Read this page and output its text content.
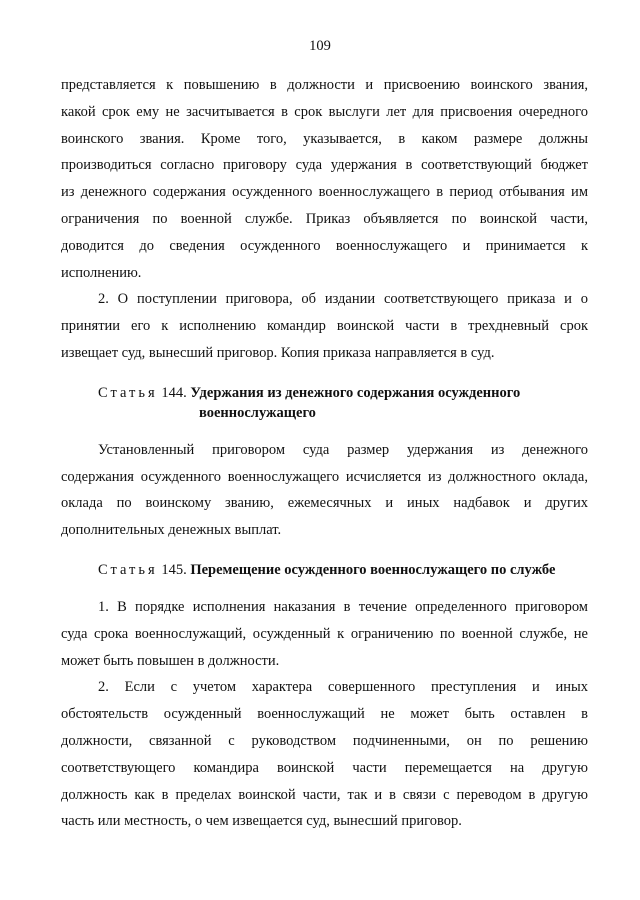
109

представляется к повышению в должности и присвоению воинского звания,

какой срок ему не засчитывается в срок выслуги лет для присвоения очередного

воинского звания. Кроме того, указывается, в каком размере должны

производиться согласно приговору суда удержания в соответствующий бюджет

из денежного содержания осужденного военнослужащего в период отбывания им

ограничения по военной службе. Приказ объявляется по воинской части,

доводится до сведения осужденного военнослужащего и принимается к

исполнению.

2. О поступлении приговора, об издании соответствующего приказа и о

принятии его к исполнению командир воинской части в трехдневный срок

извещает суд, вынесший приговор. Копия приказа направляется в суд.

Статья 144. Удержания из денежного содержания осужденного
военнослужащего

Установленный приговором суда размер удержания из денежного

содержания осужденного военнослужащего исчисляется из должностного оклада,

оклада по воинскому званию, ежемесячных и иных надбавок и других

дополнительных денежных выплат.

Статья 145. Перемещение осужденного военнослужащего по службе

1. В порядке исполнения наказания в течение определенного приговором

суда срока военнослужащий, осужденный к ограничению по военной службе, не

может быть повышен в должности.

2. Если с учетом характера совершенного преступления и иных

обстоятельств осужденный военнослужащий не может быть оставлен в

должности, связанной с руководством подчиненными, он по решению

соответствующего командира воинской части перемещается на другую

должность как в пределах воинской части, так и в связи с переводом в другую

часть или местность, о чем извещается суд, вынесший приговор.
